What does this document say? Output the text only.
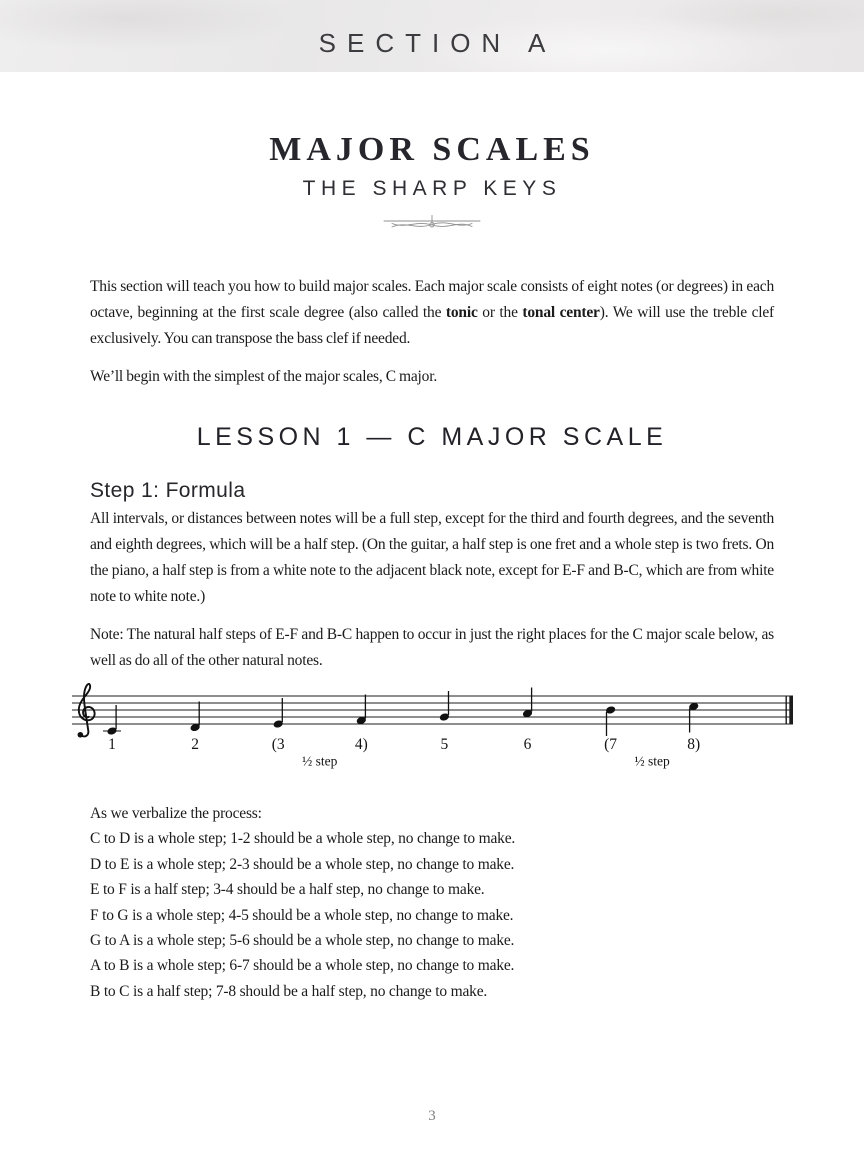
SECTION A
MAJOR SCALES
THE SHARP KEYS

This section will teach you how to build major scales. Each major scale consists of eight notes (or degrees) in each octave, beginning at the first scale degree (also called the tonic or the tonal center). We will use the treble clef exclusively. You can transpose the bass clef if needed.

We’ll begin with the simplest of the major scales, C major.

LESSON 1 — C MAJOR SCALE
Step 1: Formula

All intervals, or distances between notes will be a full step, except for the third and fourth degrees, and the seventh and eighth degrees, which will be a half step. (On the guitar, a half step is one fret and a whole step is two frets. On the piano, a half step is from a white note to the adjacent black note, except for E-F and B-C, which are from white note to white note.)

Note: The natural half steps of E-F and B-C happen to occur in just the right places for the C major scale below, as well as do all of the other natural notes.

1	2	(3	4)	5	6	(7	8)
½ step	½ step
As we verbalize the process:
C to D is a whole step; 1-2 should be a whole step, no change to make.
D to E is a whole step; 2-3 should be a whole step, no change to make.
E to F is a half step; 3-4 should be a half step, no change to make.
F to G is a whole step; 4-5 should be a whole step, no change to make.
G to A is a whole step; 5-6 should be a whole step, no change to make.
A to B is a whole step; 6-7 should be a whole step, no change to make.
B to C is a half step; 7-8 should be a half step, no change to make.
3
